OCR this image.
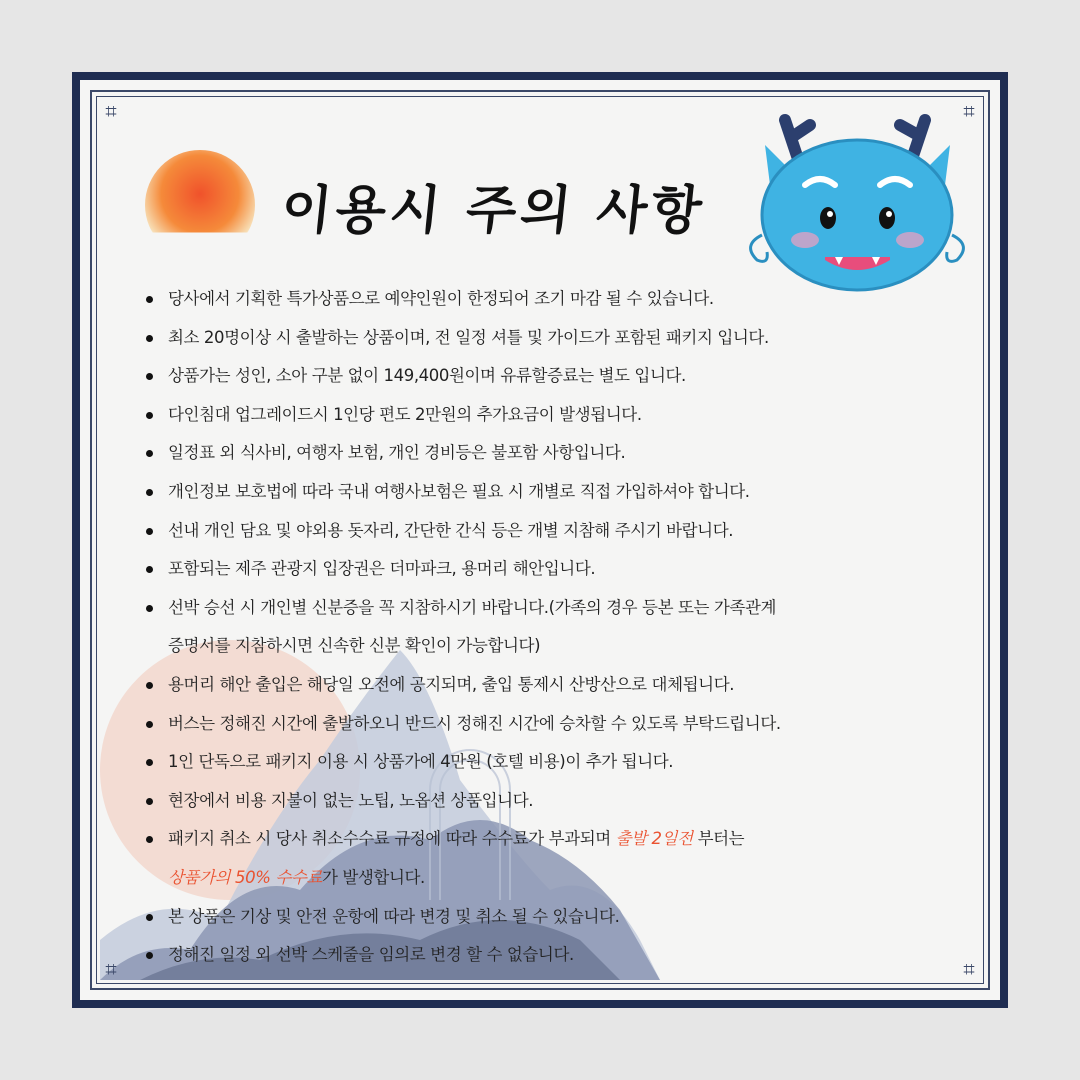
⌗	⌗
⌗	⌗
이용시 주의 사항
당사에서 기획한 특가상품으로 예약인원이 한정되어 조기 마감 될 수 있습니다.
최소 20명이상 시 출발하는 상품이며, 전 일정 셔틀 및 가이드가 포함된 패키지 입니다.
상품가는 성인, 소아 구분 없이 149,400원이며 유류할증료는 별도 입니다.
다인침대 업그레이드시 1인당 편도 2만원의 추가요금이 발생됩니다.
일정표 외 식사비, 여행자 보험, 개인 경비등은 불포함 사항입니다.
개인정보 보호법에 따라 국내 여행사보험은 필요 시 개별로 직접 가입하셔야 합니다.
선내 개인 담요 및 야외용 돗자리, 간단한 간식 등은 개별 지참해 주시기 바랍니다.
포함되는 제주 관광지 입장권은 더마파크, 용머리 해안입니다.
선박 승선 시 개인별 신분증을 꼭 지참하시기 바랍니다.(가족의 경우 등본 또는 가족관계
증명서를 지참하시면 신속한 신분 확인이 가능합니다)
용머리 해안 출입은 해당일 오전에 공지되며, 출입 통제시 산방산으로 대체됩니다.
버스는 정해진 시간에 출발하오니 반드시 정해진 시간에 승차할 수 있도록 부탁드립니다.
1인 단독으로 패키지 이용 시 상품가에 4만원 (호텔 비용)이 추가 됩니다.
현장에서 비용 지불이 없는 노팁, 노옵션 상품입니다.
패키지 취소 시 당사 취소수수료 규정에 따라 수수료가 부과되며 출발 2일전 부터는
상품가의 50% 수수료가 발생합니다.
본 상품은 기상 및 안전 운항에 따라 변경 및 취소 될 수 있습니다.
정해진 일정 외 선박 스케줄을 임의로 변경 할 수 없습니다.
